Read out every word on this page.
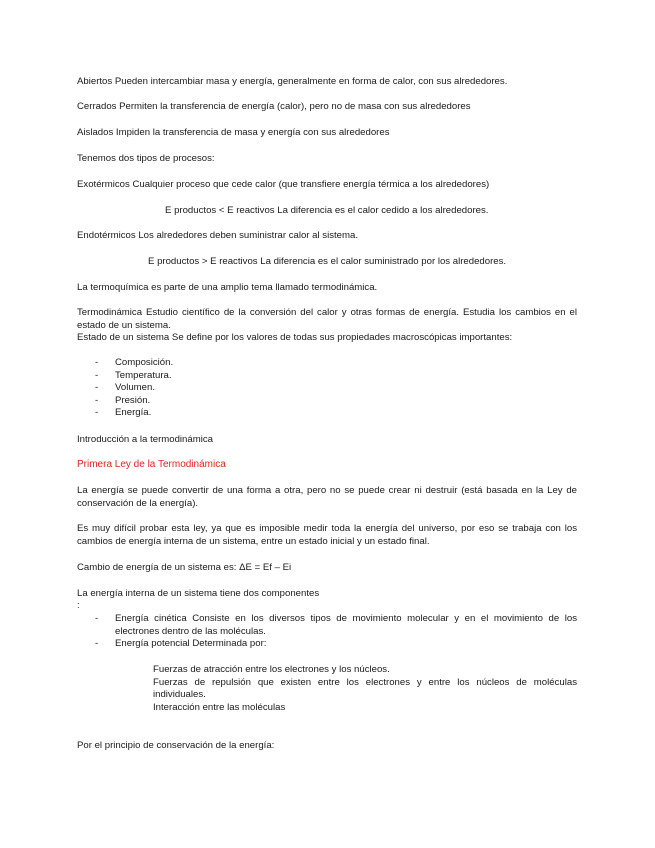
Abiertos Pueden intercambiar masa y energía, generalmente en forma de calor, con sus alrededores.
Cerrados Permiten la transferencia de energía (calor), pero no de masa con sus alrededores
Aislados Impiden la transferencia de masa y energía con sus alrededores
Tenemos dos tipos de procesos:
Exotérmicos Cualquier proceso que cede calor (que transfiere energía térmica a los alrededores)
E productos < E reactivos La diferencia es el calor cedido a los alrededores.
Endotérmicos Los alrededores deben suministrar calor al sistema.
E productos > E reactivos La diferencia es el calor suministrado por los alrededores.
La termoquímica es parte de una amplio tema llamado termodinámica.
Termodinámica Estudio científico de la conversión del calor y otras formas de energía. Estudia los cambios en el estado de un sistema.
Estado de un sistema Se define por los valores de todas sus propiedades macroscópicas importantes:
- Composición.
- Temperatura.
- Volumen.
- Presión.
- Energía.
Introducción a la termodinámica
Primera Ley de la Termodinámica
La energía se puede convertir de una forma a otra, pero no se puede crear ni destruir (está basada en la Ley de conservación de la energía).
Es muy difícil probar esta ley, ya que es imposible medir toda la energía del universo, por eso se trabaja con los cambios de energía interna de un sistema, entre un estado inicial y un estado final.
Cambio de energía de un sistema es: ΔE = Ef – Ei
La energía interna de un sistema tiene dos componentes
:
- Energía cinética Consiste en los diversos tipos de movimiento molecular y en el movimiento de los electrones dentro de las moléculas.
- Energía potencial Determinada por:
Fuerzas de atracción entre los electrones y los núcleos.
Fuerzas de repulsión que existen entre los electrones y entre los núcleos de moléculas individuales.
Interacción entre las moléculas
Por el principio de conservación de la energía:
